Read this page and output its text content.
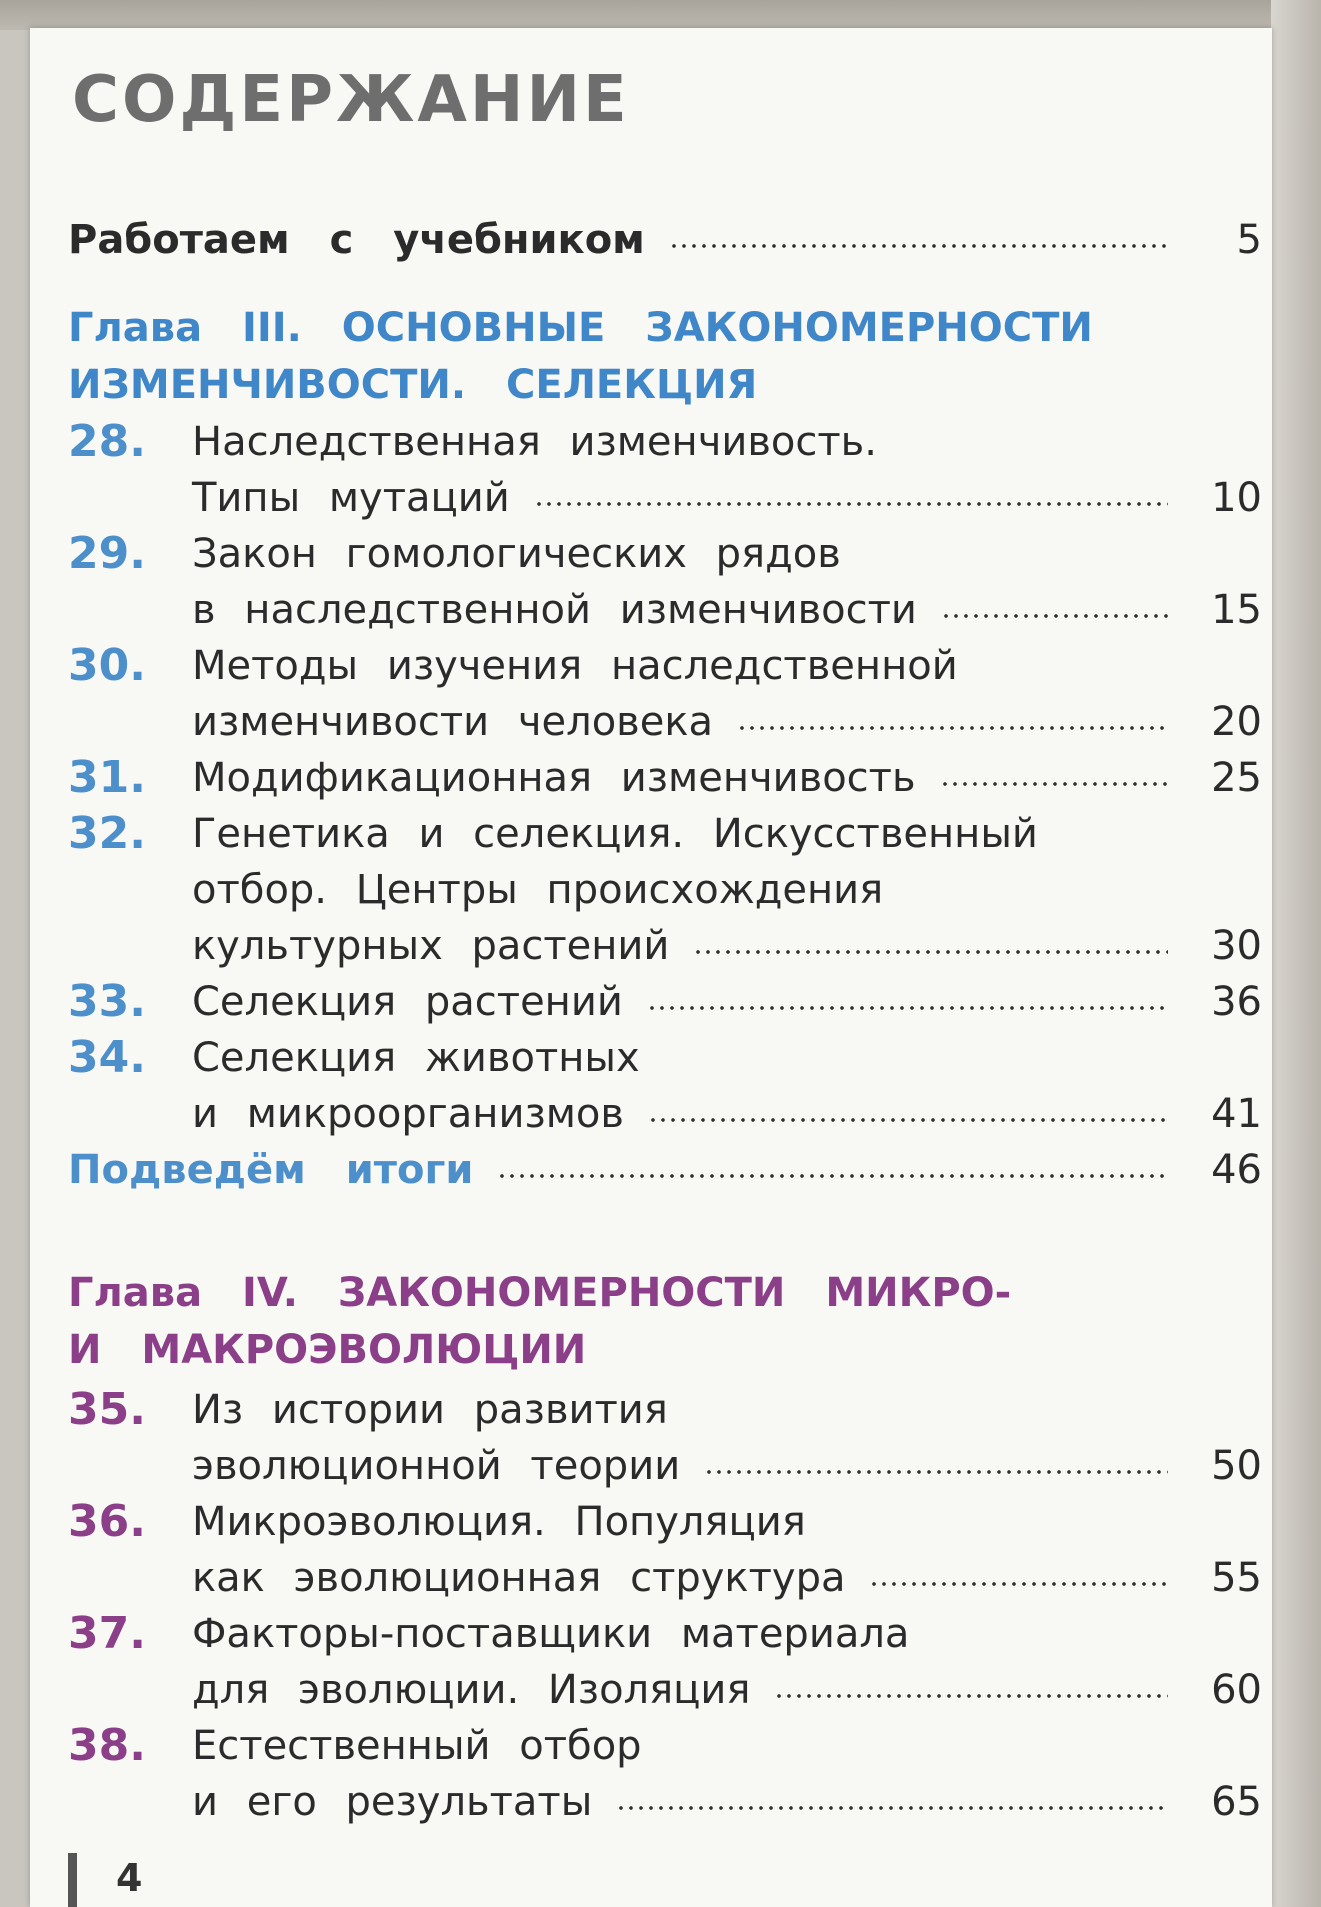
СОДЕРЖАНИЕ
Работаем с учебником	5
Глава III. ОСНОВНЫЕ ЗАКОНОМЕРНОСТИ
ИЗМЕНЧИВОСТИ. СЕЛЕКЦИЯ
28.	Наследственная изменчивость.
Типы мутаций	10
29.	Закон гомологических рядов
в наследственной изменчивости	15
30.	Методы изучения наследственной
изменчивости человека	20
31.	Модификационная изменчивость	25
32.	Генетика и селекция. Искусственный
отбор. Центры происхождения
культурных растений	30
33.	Селекция растений	36
34.	Селекция животных
и микроорганизмов	41
Подведём итоги	46
Глава IV. ЗАКОНОМЕРНОСТИ МИКРО-
И МАКРОЭВОЛЮЦИИ
35.	Из истории развития
эволюционной теории	50
36.	Микроэволюция. Популяция
как эволюционная структура	55
37.	Факторы-поставщики материала
для эволюции. Изоляция	60
38.	Естественный отбор
и его результаты	65
4
